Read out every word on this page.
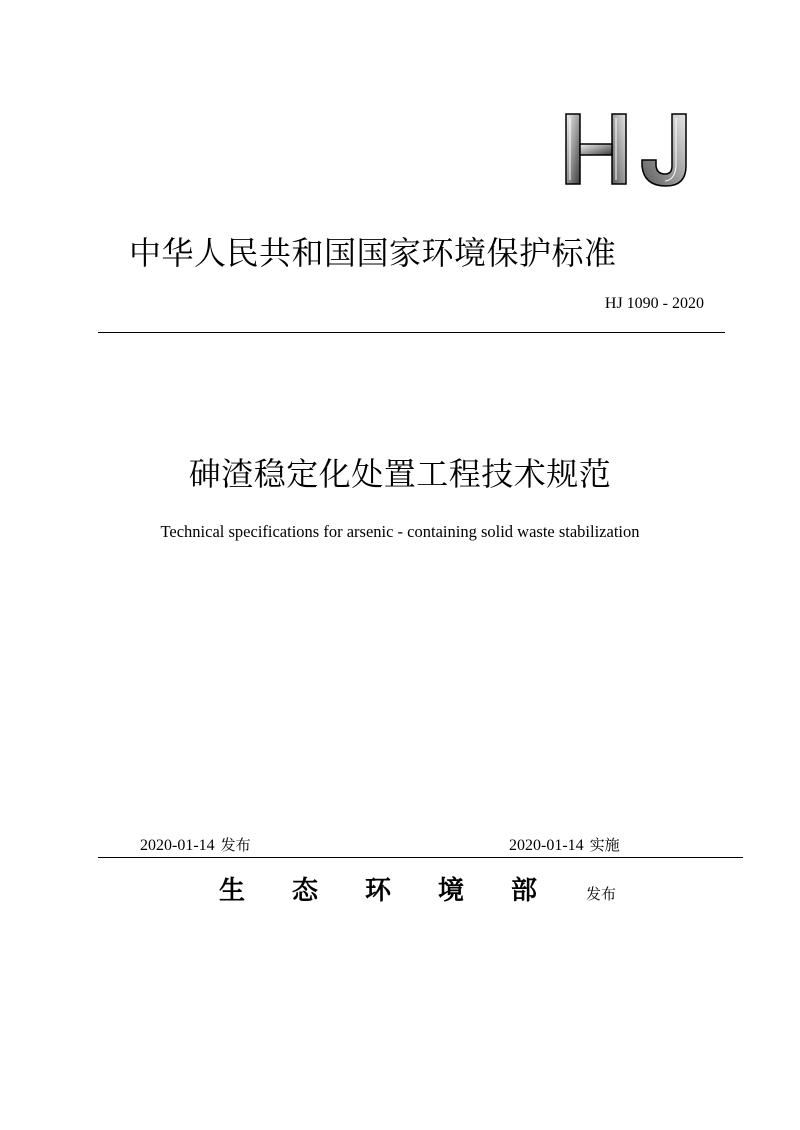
中华人民共和国国家环境保护标准
HJ 1090 - 2020
砷渣稳定化处置工程技术规范
Technical specifications for arsenic - containing solid waste stabilization
2020-01-14 发布	2020-01-14 实施
生	态	环	境	部	发布
